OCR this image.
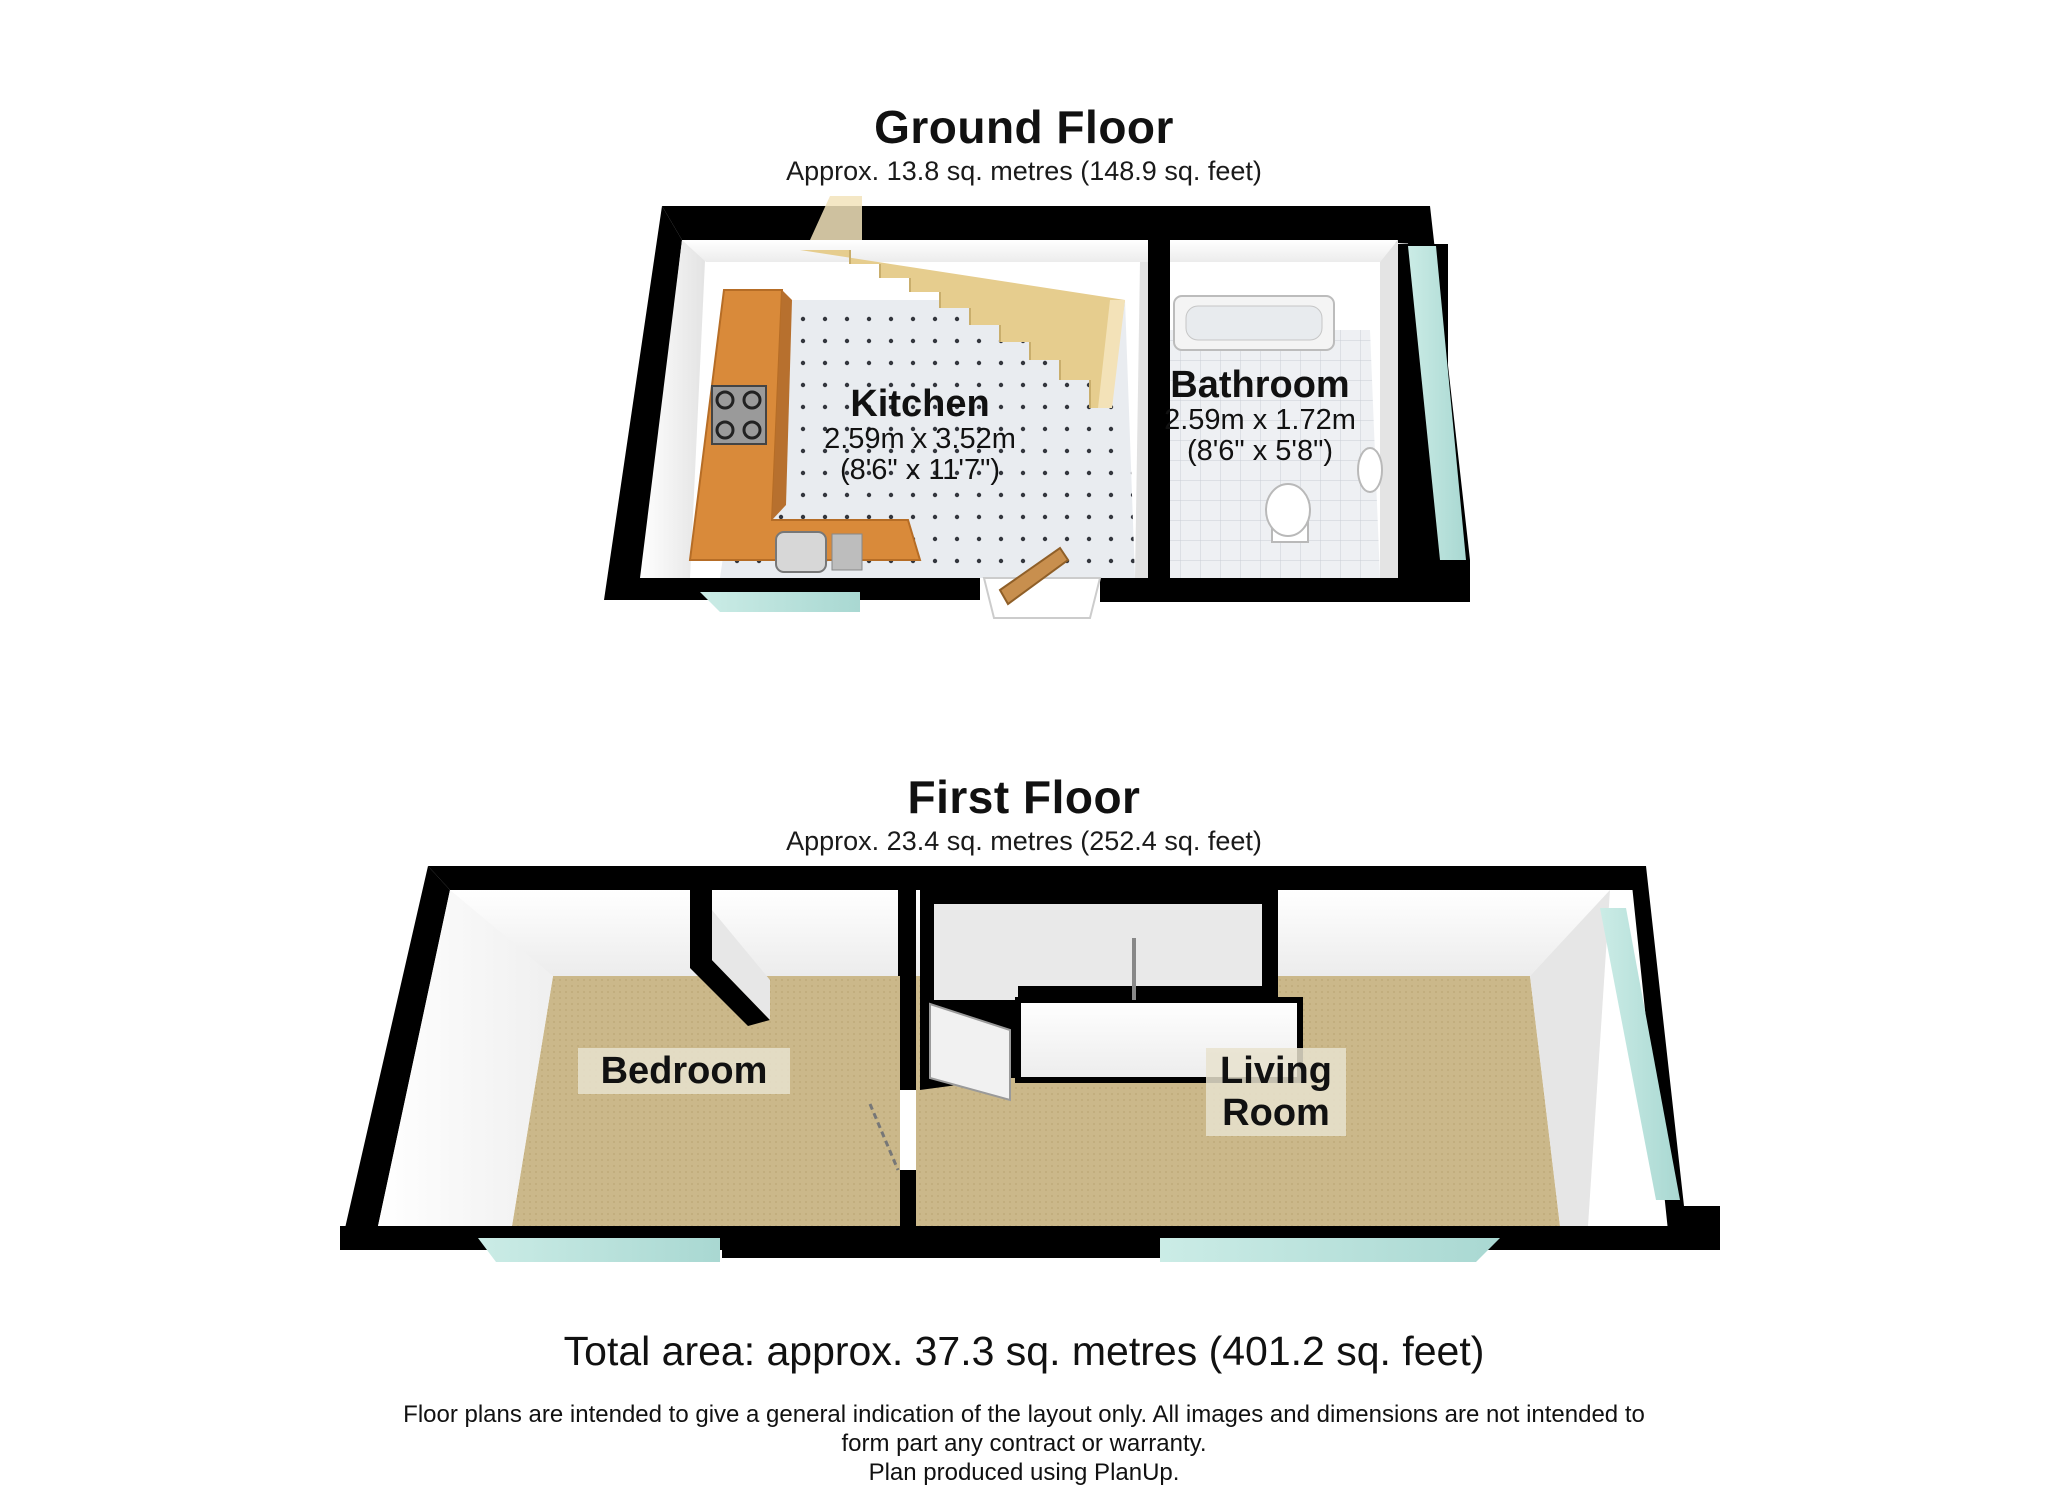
Ground Floor
Approx. 13.8 sq. metres (148.9 sq. feet)
Kitchen
2.59m x 3.52m
(8'6" x 11'7")
Bathroom
2.59m x 1.72m
(8'6" x 5'8")
First Floor
Approx. 23.4 sq. metres (252.4 sq. feet)
Bedroom	Living
Room
Total area: approx. 37.3 sq. metres (401.2 sq. feet)
Floor plans are intended to give a general indication of the layout only. All images and dimensions are not intended to
form part any contract or warranty.
Plan produced using PlanUp.
